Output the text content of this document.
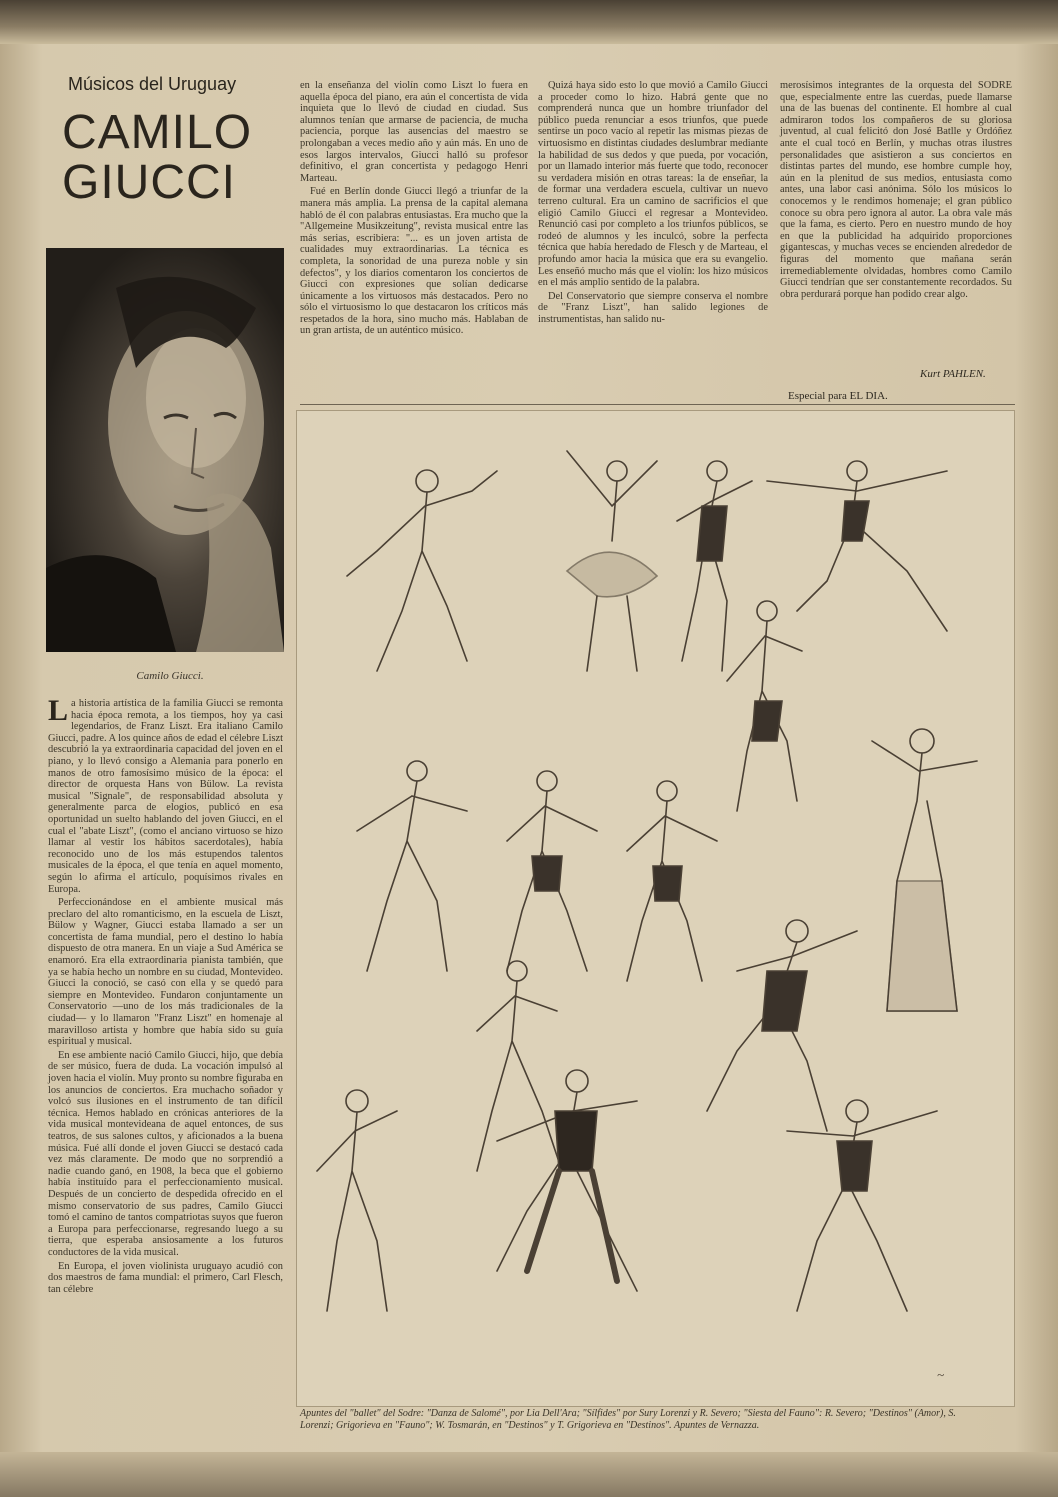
Músicos del Uruguay
CAMILO
GIUCCI
Camilo Giucci.

La historia artística de la familia Giucci se remonta hacia época remota, a los tiempos, hoy ya casi legendarios, de Franz Liszt. Era italiano Camilo Giucci, padre. A los quince años de edad el célebre Liszt descubrió la ya extraordinaria capacidad del joven en el piano, y lo llevó consigo a Alemania para ponerlo en manos de otro famosísimo músico de la época: el director de orquesta Hans von Bülow. La revista musical "Signale", de responsabilidad absoluta y generalmente parca de elogios, publicó en esa oportunidad un suelto hablando del joven Giucci, en el cual el "abate Liszt", (como el anciano virtuoso se hizo llamar al vestir los hábitos sacerdotales), había reconocido uno de los más estupendos talentos musicales de la época, el que tenía en aquel momento, según lo afirma el artículo, poquísimos rivales en Europa.

Perfeccionándose en el ambiente musical más preclaro del alto romanticismo, en la escuela de Liszt, Bülow y Wagner, Giucci estaba llamado a ser un concertista de fama mundial, pero el destino lo había dispuesto de otra manera. En un viaje a Sud América se enamoró. Era ella extraordinaria pianista también, que ya se había hecho un nombre en su ciudad, Montevideo. Giucci la conoció, se casó con ella y se quedó para siempre en Montevideo. Fundaron conjuntamente un Conservatorio —uno de los más tradicionales de la ciudad— y lo llamaron "Franz Liszt" en homenaje al maravilloso artista y hombre que había sido su guía espiritual y musical.

En ese ambiente nació Camilo Giucci, hijo, que debía de ser músico, fuera de duda. La vocación impulsó al joven hacia el violín. Muy pronto su nombre figuraba en los anuncios de conciertos. Era muchacho soñador y volcó sus ilusiones en el instrumento de tan difícil técnica. Hemos hablado en crónicas anteriores de la vida musical montevideana de aquel entonces, de sus teatros, de sus salones cultos, y aficionados a la buena música. Fué allí donde el joven Giucci se destacó cada vez más claramente. De modo que no sorprendió a nadie cuando ganó, en 1908, la beca que el gobierno había instituído para el perfeccionamiento musical. Después de un concierto de despedida ofrecido en el mismo conservatorio de sus padres, Camilo Giucci tomó el camino de tantos compatriotas suyos que fueron a Europa para perfeccionarse, regresando luego a su tierra, que esperaba ansiosamente a los futuros conductores de la vida musical.

En Europa, el joven violinista uruguayo acudió con dos maestros de fama mundial: el primero, Carl Flesch, tan célebre

en la enseñanza del violín como Liszt lo fuera en aquella época del piano, era aún el concertista de vida inquieta que lo llevó de ciudad en ciudad. Sus alumnos tenían que armarse de paciencia, de mucha paciencia, porque las ausencias del maestro se prolongaban a veces medio año y aún más. En uno de esos largos intervalos, Giucci halló su profesor definitivo, el gran concertista y pedagogo Henri Marteau.

Fué en Berlín donde Giucci llegó a triunfar de la manera más amplia. La prensa de la capital alemana habló de él con palabras entusiastas. Era mucho que la "Allgemeine Musikzeitung", revista musical entre las más serias, escribiera: "... es un joven artista de cualidades muy extraordinarias. La técnica es completa, la sonoridad de una pureza noble y sin defectos", y los diarios comentaron los conciertos de Giucci con expresiones que solían dedicarse únicamente a los virtuosos más destacados. Pero no sólo el virtuosismo lo que destacaron los críticos más respetados de la hora, sino mucho más. Hablaban de un gran artista, de un auténtico músico.

Quizá haya sido esto lo que movió a Camilo Giucci a proceder como lo hizo. Habrá gente que no comprenderá nunca que un hombre triunfador del público pueda renunciar a esos triunfos, que puede sentirse un poco vacío al repetir las mismas piezas de virtuosismo en distintas ciudades deslumbrar mediante la habilidad de sus dedos y que pueda, por vocación, por un llamado interior más fuerte que todo, reconocer su verdadera misión en otras tareas: la de enseñar, la de formar una verdadera escuela, cultivar un nuevo terreno cultural. Era un camino de sacrificios el que eligió Camilo Giucci el regresar a Montevideo. Renunció casi por completo a los triunfos públicos, se rodeó de alumnos y les inculcó, sobre la perfecta técnica que había heredado de Flesch y de Marteau, el profundo amor hacia la música que era su evangelio. Les enseñó mucho más que el violín: los hizo músicos en el más amplio sentido de la palabra.

Del Conservatorio que siempre conserva el nombre de "Franz Liszt", han salido legiones de instrumentistas, han salido nu-

merosísimos integrantes de la orquesta del SODRE que, especialmente entre las cuerdas, puede llamarse una de las buenas del continente. El hombre al cual admiraron todos los compañeros de su gloriosa juventud, al cual felicitó don José Batlle y Ordóñez ante el cual tocó en Berlín, y muchas otras ilustres personalidades que asistieron a sus conciertos en distintas partes del mundo, ese hombre cumple hoy, aún en la plenitud de sus medios, entusiasta como antes, una labor casi anónima. Sólo los músicos lo conocemos y le rendimos homenaje; el gran público conoce su obra pero ignora al autor. La obra vale más que la fama, es cierto. Pero en nuestro mundo de hoy en que la publicidad ha adquirido proporciones gigantescas, y muchas veces se encienden alrededor de figuras del momento que mañana serán irremediablemente olvidadas, hombres como Camilo Giucci tendrían que ser constantemente recordados. Su obra perdurará porque han podido crear algo.

Kurt PAHLEN.
Especial para EL DIA.
~
Apuntes del "ballet" del Sodre: "Danza de Salomé", por Lia Dell'Ara; "Sílfides" por Sury Lorenzi y R. Severo; "Siesta del Fauno": R. Severo; "Destinos" (Amor), S. Lorenzi; Grigorieva en "Fauno"; W. Tosmarán, en "Destinos" y T. Grigorieva en "Destinos". Apuntes de Vernazza.
